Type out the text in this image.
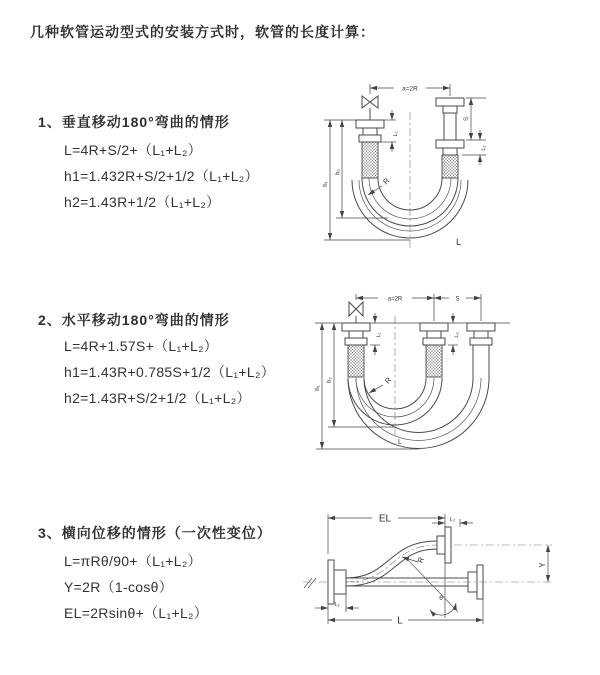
几种软管运动型式的安装方式时，软管的长度计算：
1、垂直移动180°弯曲的情形
L=4R+S/2+（L₁+L₂）
h1=1.432R+S/2+1/2（L₁+L₂）
h2=1.43R+1/2（L₁+L₂）
2、水平移动180°弯曲的情形
L=4R+1.57S+（L₁+L₂）
h1=1.43R+0.785S+1/2（L₁+L₂）
h2=1.43R+S/2+1/2（L₁+L₂）
3、横向位移的情形（一次性变位）
L=πRθ/90+（L₁+L₂）
Y=2R（1-cosθ）
EL=2Rsinθ+（L₁+L₂）
a=2R
L₁
h₁
h₂
S
L₂
R
L
a=2R	S
h₁
h₂
L₁	L₂
R
L
EL	L₂
Y
L₁
L
R
θ
